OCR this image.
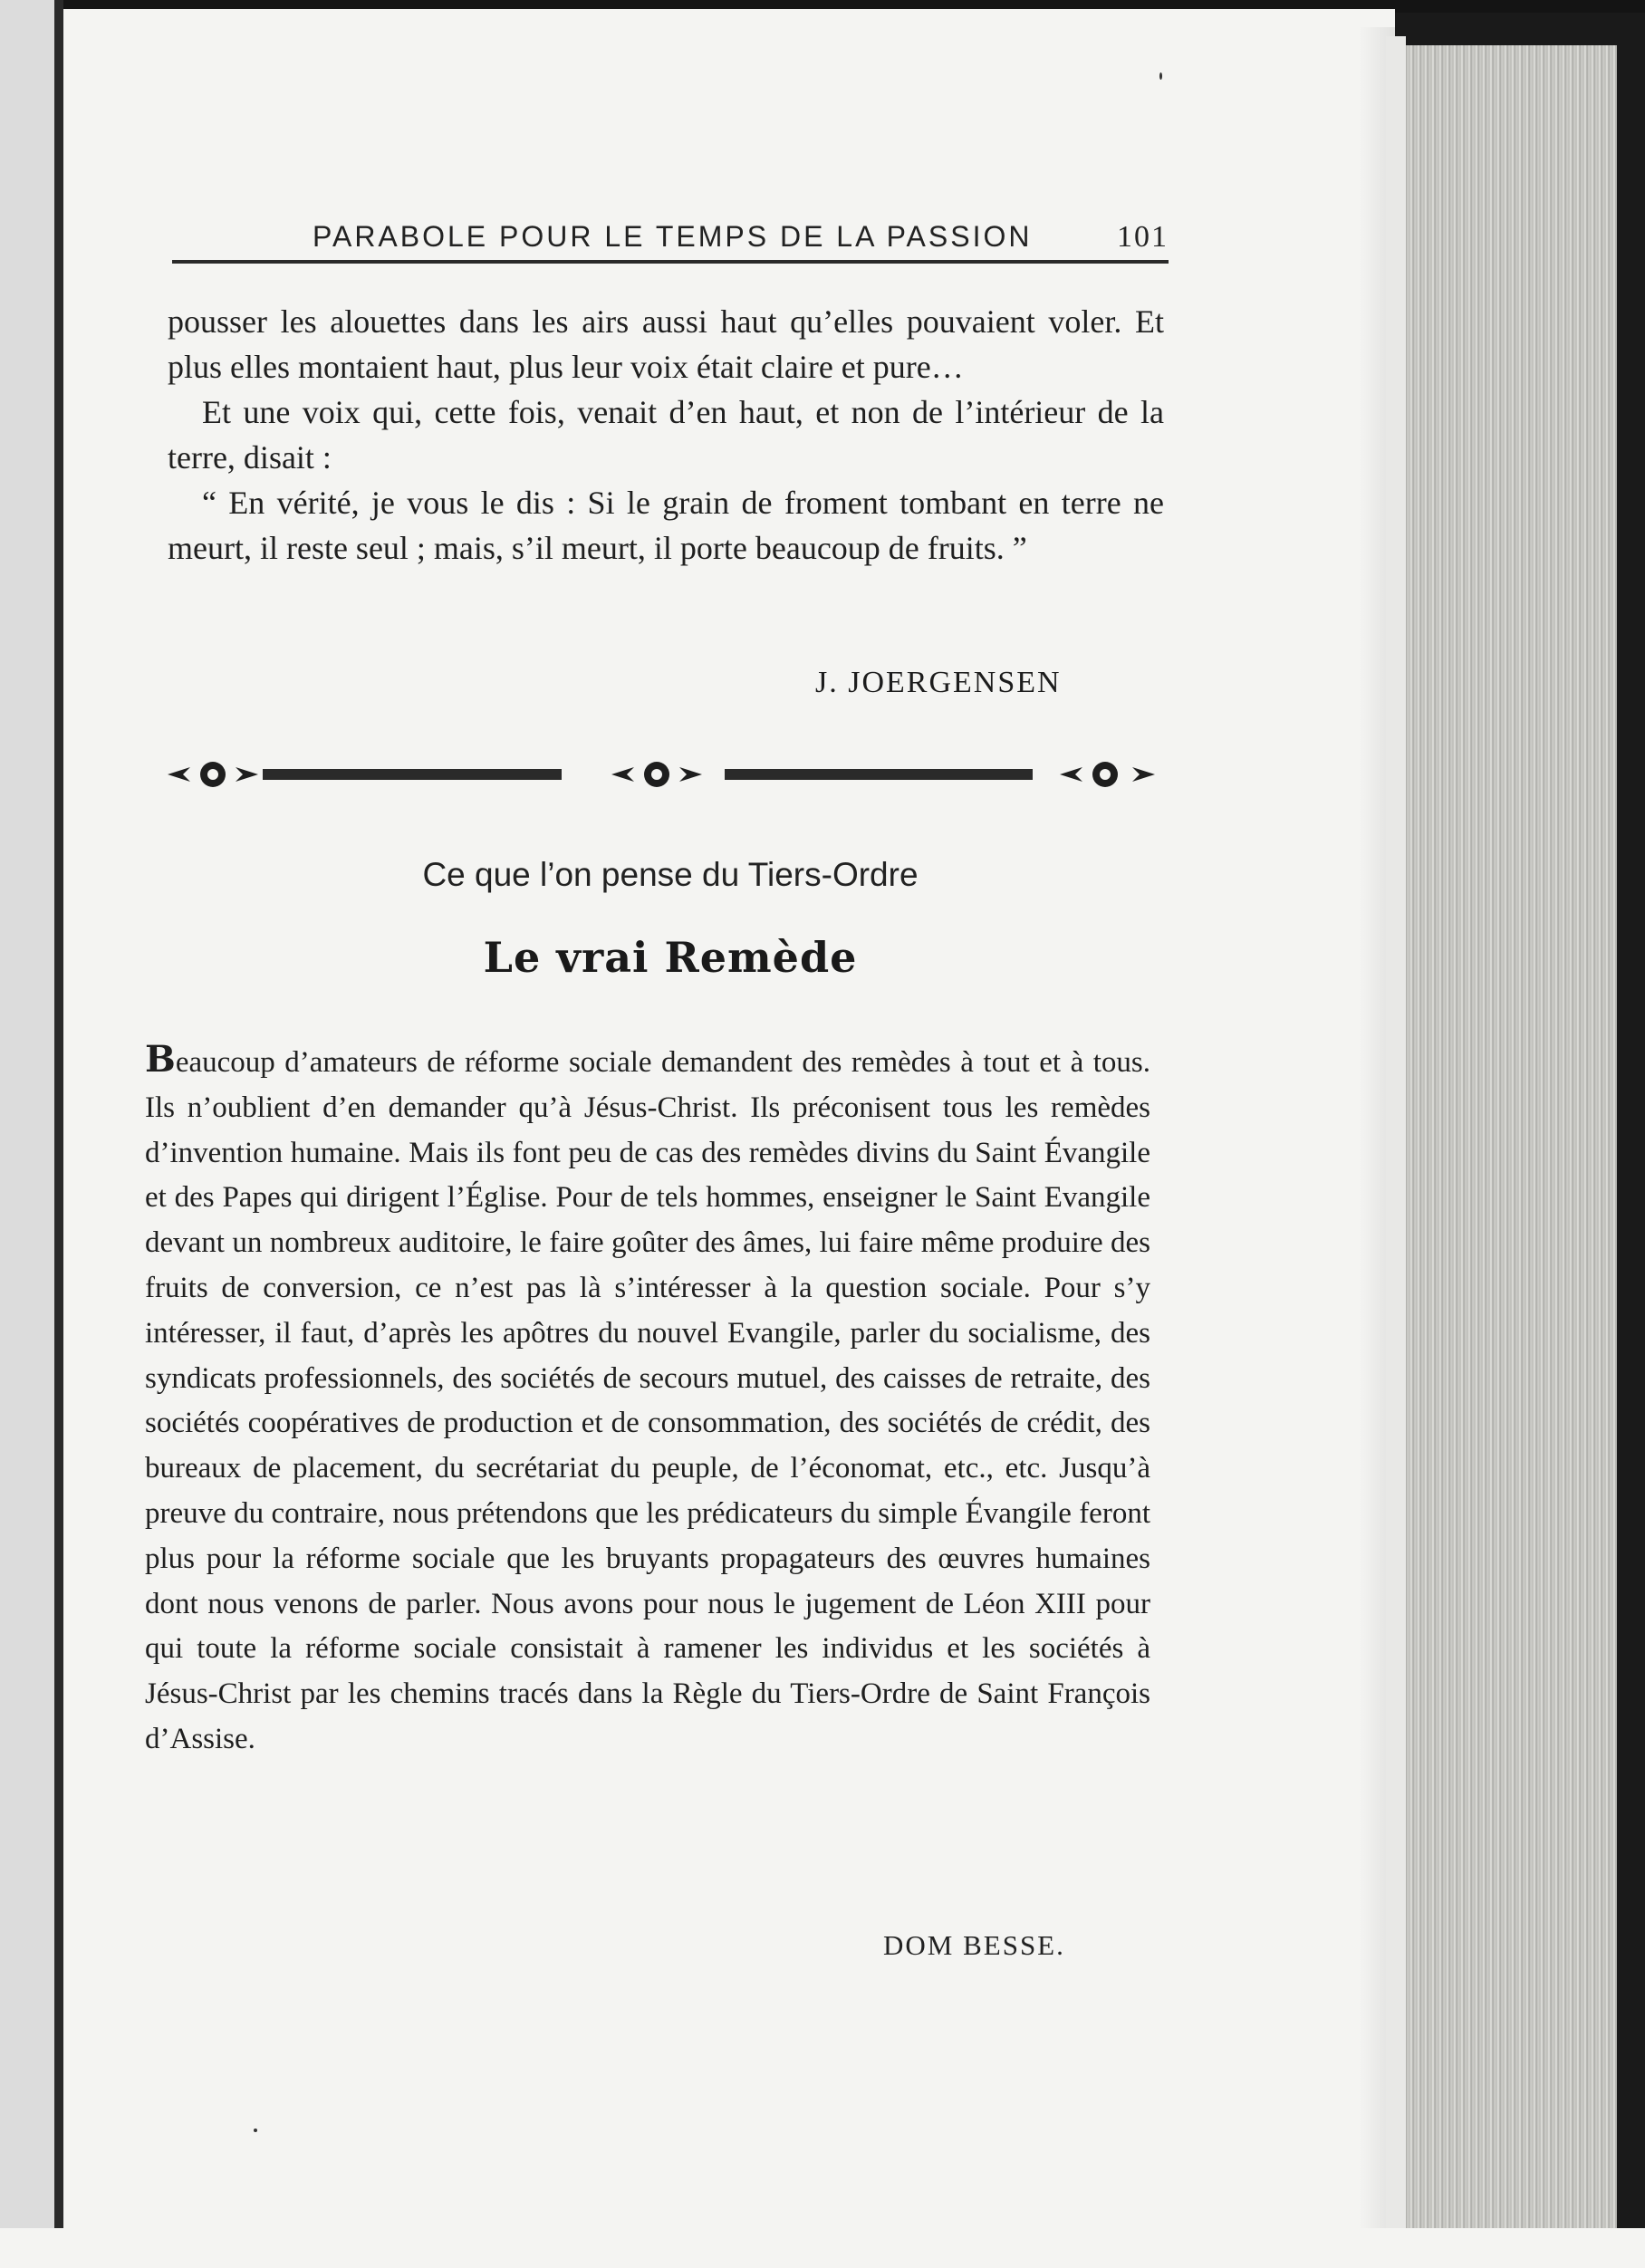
PARABOLE POUR LE TEMPS DE LA PASSION	101

pousser les alouettes dans les airs aussi haut qu’elles pouvaient voler. Et plus elles montaient haut, plus leur voix était claire et pure…

Et une voix qui, cette fois, venait d’en haut, et non de l’intérieur de la terre, disait :

“ En vérité, je vous le dis : Si le grain de froment tombant en terre ne meurt, il reste seul ; mais, s’il meurt, il porte beaucoup de fruits. ”

J. JOERGENSEN
Ce que l’on pense du Tiers-Ordre
Le vrai Remède

Beaucoup d’amateurs de réforme sociale demandent des remèdes à tout et à tous. Ils n’oublient d’en demander qu’à Jésus-Christ. Ils préconisent tous les remèdes d’invention humaine. Mais ils font peu de cas des remèdes divins du Saint Évangile et des Papes qui dirigent l’Église. Pour de tels hommes, enseigner le Saint Evangile devant un nombreux auditoire, le faire goûter des âmes, lui faire même produire des fruits de conversion, ce n’est pas là s’intéresser à la question sociale. Pour s’y intéresser, il faut, d’après les apôtres du nouvel Evangile, parler du socialisme, des syndicats professionnels, des sociétés de secours mutuel, des caisses de retraite, des sociétés coopératives de production et de consommation, des sociétés de crédit, des bureaux de placement, du secrétariat du peuple, de l’économat, etc., etc. Jusqu’à preuve du contraire, nous prétendons que les prédicateurs du simple Évangile feront plus pour la réforme sociale que les bruyants propagateurs des œuvres humaines dont nous venons de parler. Nous avons pour nous le jugement de Léon XIII pour qui toute la réforme sociale consistait à ramener les individus et les sociétés à Jésus-Christ par les chemins tracés dans la Règle du Tiers-Ordre de Saint François d’Assise.

DOM BESSE.
